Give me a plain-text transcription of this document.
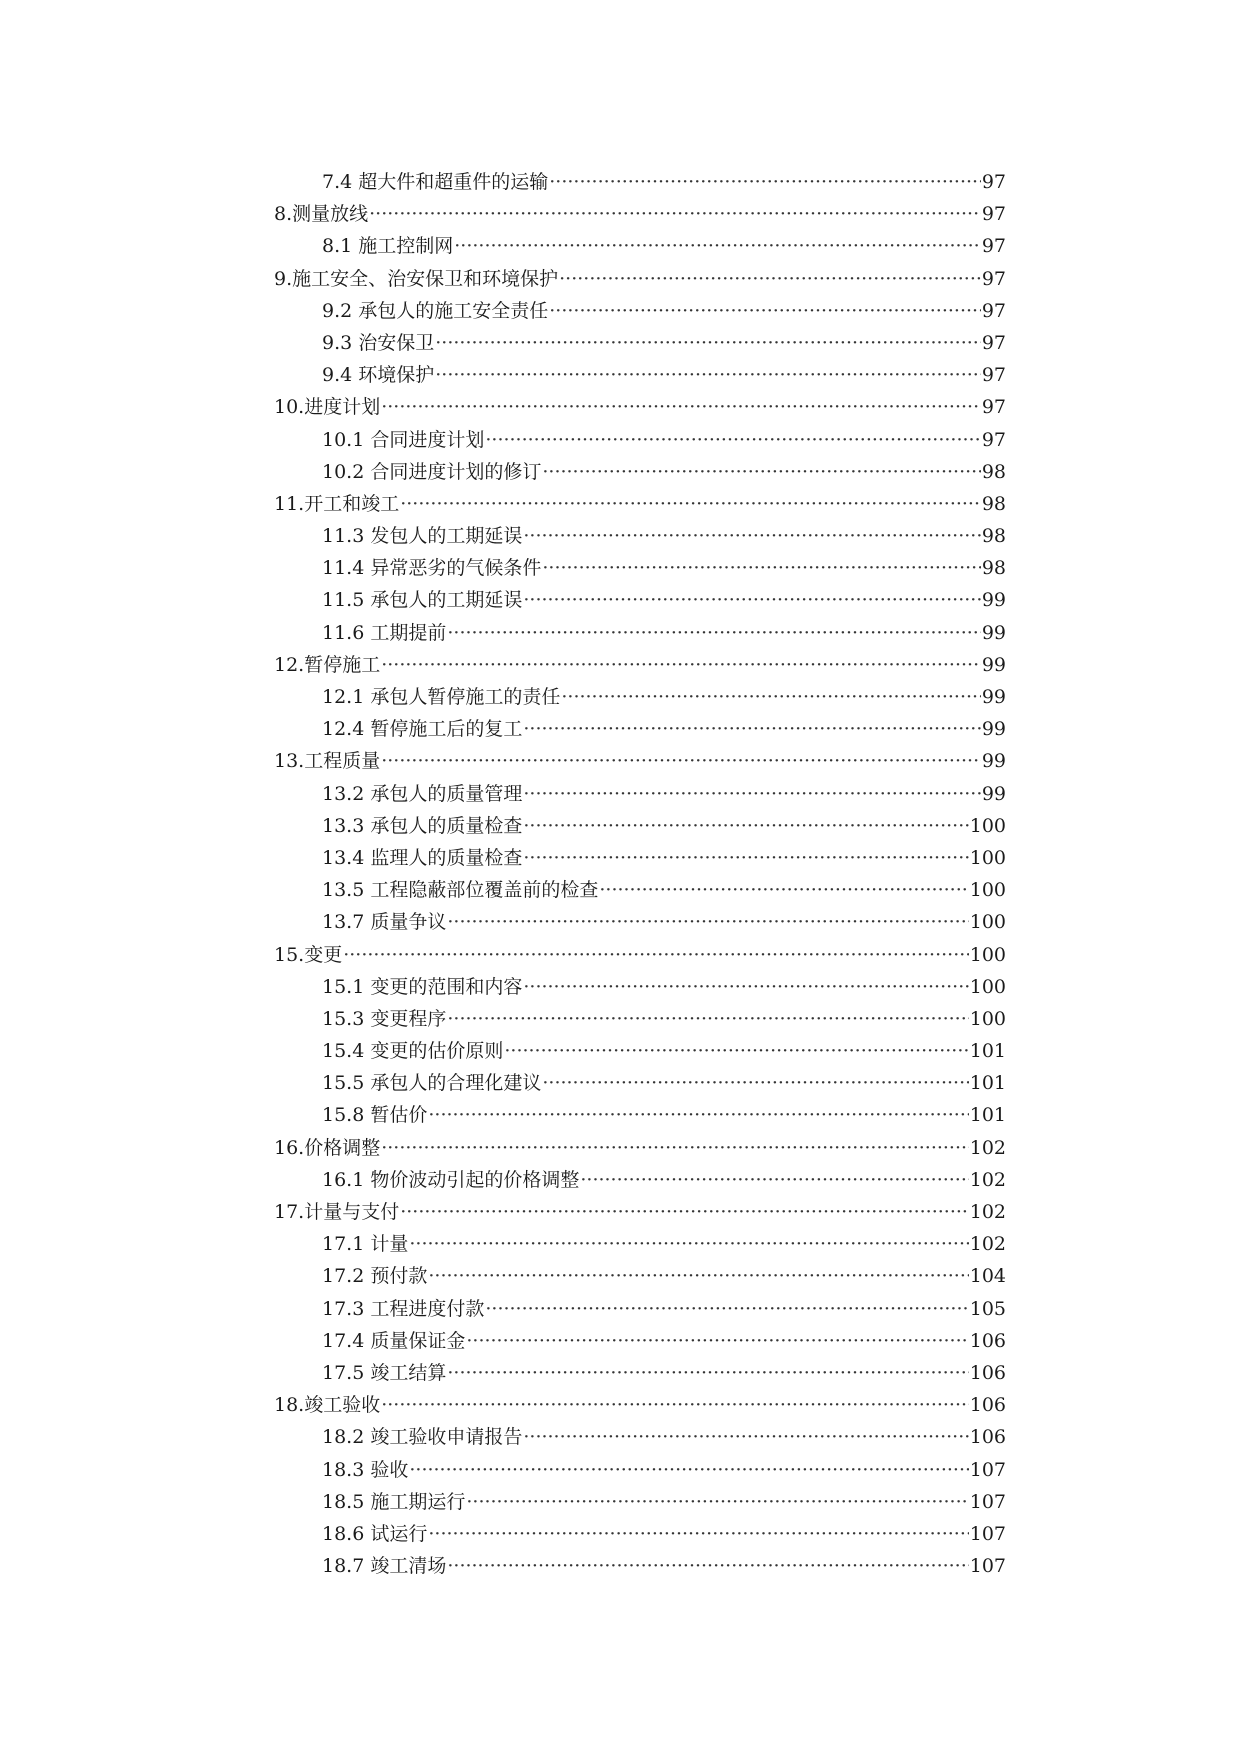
7.4 超大件和超重件的运输 ·····	97
8.测量放线 ·····	97
8.1 施工控制网 ·····	97
9.施工安全、治安保卫和环境保护 ·····	97
9.2 承包人的施工安全责任 ·····	97
9.3 治安保卫 ·····	97
9.4 环境保护 ·····	97
10.进度计划 ·····	97
10.1 合同进度计划 ·····	97
10.2 合同进度计划的修订 ·····	98
11.开工和竣工 ·····	98
11.3 发包人的工期延误 ·····	98
11.4 异常恶劣的气候条件 ·····	98
11.5 承包人的工期延误 ·····	99
11.6 工期提前 ·····	99
12.暂停施工 ·····	99
12.1 承包人暂停施工的责任 ·····	99
12.4 暂停施工后的复工 ·····	99
13.工程质量 ·····	99
13.2 承包人的质量管理 ·····	99
13.3 承包人的质量检查 ·····	100
13.4 监理人的质量检查 ·····	100
13.5 工程隐蔽部位覆盖前的检查 ·····	100
13.7 质量争议 ·····	100
15.变更 ·····	100
15.1 变更的范围和内容 ·····	100
15.3 变更程序 ·····	100
15.4 变更的估价原则 ·····	101
15.5 承包人的合理化建议 ·····	101
15.8 暂估价 ·····	101
16.价格调整 ·····	102
16.1 物价波动引起的价格调整 ·····	102
17.计量与支付 ·····	102
17.1 计量 ·····	102
17.2 预付款 ·····	104
17.3 工程进度付款 ·····	105
17.4 质量保证金 ·····	106
17.5 竣工结算 ·····	106
18.竣工验收 ·····	106
18.2 竣工验收申请报告 ·····	106
18.3 验收 ·····	107
18.5 施工期运行 ·····	107
18.6 试运行 ·····	107
18.7 竣工清场 ·····	107
